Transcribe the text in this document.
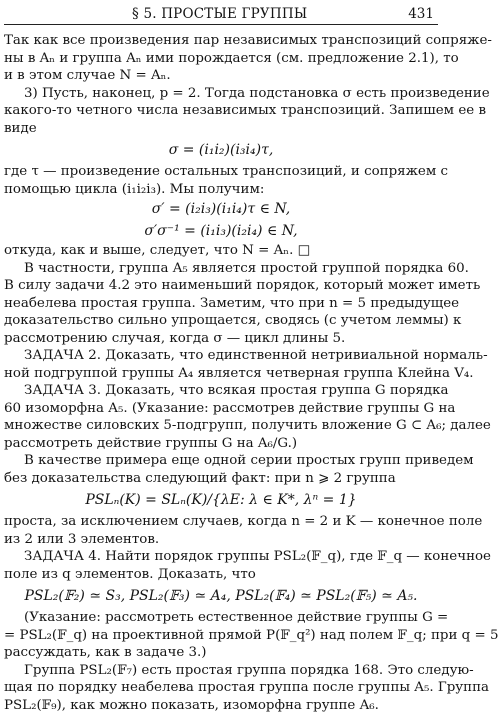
§ 5. ПРОСТЫЕ ГРУППЫ	431
Так как все произведения пар независимых транспозиций сопряже-
ны в Aₙ и группа Aₙ ими порождается (см. предложение 2.1), то
и в этом случае N = Aₙ.
3) Пусть, наконец, p = 2. Тогда подстановка σ есть произведение
какого-то четного числа независимых транспозиций. Запишем ее в
виде
σ = (i₁i₂)(i₃i₄)τ,
где τ — произведение остальных транспозиций, и сопряжем с
помощью цикла (i₁i₂i₃). Мы получим:
σ′ = (i₂i₃)(i₁i₄)τ ∈ N,
σ′σ⁻¹ = (i₁i₃)(i₂i₄) ∈ N,
откуда, как и выше, следует, что N = Aₙ. □
В частности, группа A₅ является простой группой порядка 60.
В силу задачи 4.2 это наименьший порядок, который может иметь
неабелева простая группа. Заметим, что при n = 5 предыдущее
доказательство сильно упрощается, сводясь (с учетом леммы) к
рассмотрению случая, когда σ — цикл длины 5.
ЗАДАЧА 2. Доказать, что единственной нетривиальной нормаль-
ной подгруппой группы A₄ является четверная группа Клейна V₄.
ЗАДАЧА 3. Доказать, что всякая простая группа G порядка
60 изоморфна A₅. (Указание: рассмотрев действие группы G на
множестве силовских 5-подгрупп, получить вложение G ⊂ A₆; далее
рассмотреть действие группы G на A₆/G.)
В качестве примера еще одной серии простых групп приведем
без доказательства следующий факт: при n ⩾ 2 группа
PSLₙ(K) = SLₙ(K)/{λE: λ ∈ K*, λⁿ = 1}
проста, за исключением случаев, когда n = 2 и K — конечное поле
из 2 или 3 элементов.
ЗАДАЧА 4. Найти порядок группы PSL₂(𝔽_q), где 𝔽_q — конечное
поле из q элементов. Доказать, что
PSL₂(𝔽₂) ≃ S₃, PSL₂(𝔽₃) ≃ A₄, PSL₂(𝔽₄) ≃ PSL₂(𝔽₅) ≃ A₅.
(Указание: рассмотреть естественное действие группы G =
= PSL₂(𝔽_q) на проективной прямой P(𝔽_q²) над полем 𝔽_q; при q = 5
рассуждать, как в задаче 3.)
Группа PSL₂(𝔽₇) есть простая группа порядка 168. Это следую-
щая по порядку неабелева простая группа после группы A₅. Группа
PSL₂(𝔽₉), как можно показать, изоморфна группе A₆.
